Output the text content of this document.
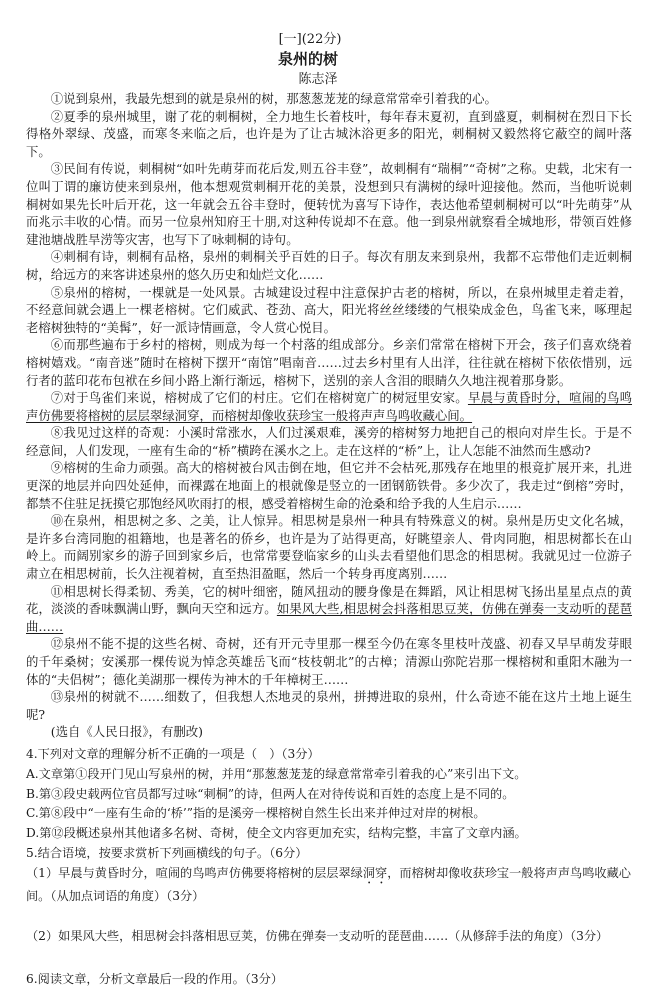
[一](22分)
泉州的树
陈志泽

①说到泉州，我最先想到的就是泉州的树，那葱葱茏茏的绿意常常牵引着我的心。

②夏季的泉州城里，谢了花的刺桐树，全力地生长着枝叶，每年春末夏初，直到盛夏，刺桐树在烈日下长得格外翠绿、茂盛，而寒冬来临之后，也许是为了让古城沐浴更多的阳光，刺桐树又毅然将它蔽空的阔叶落下。

③民间有传说，刺桐树“如叶先萌芽而花后发,则五谷丰登”，故刺桐有“瑞桐”“奇树”之称。史载，北宋有一位叫丁谓的廉访使来到泉州，他本想观赏刺桐开花的美景，没想到只有满树的绿叶迎接他。然而，当他听说刺桐树如果先长叶后开花，这一年就会五谷丰登时，便转忧为喜写下诗作，表达他希望刺桐树可以“叶先萌芽”从而兆示丰收的心情。而另一位泉州知府王十朋,对这种传说却不在意。他一到泉州就察看全城地形，带领百姓修建池塘战胜旱涝等灾害，也写下了咏刺桐的诗句。

④刺桐有诗，刺桐有品格，泉州的刺桐关乎百姓的日子。每次有朋友来到泉州，我都不忘带他们走近刺桐树，给远方的来客讲述泉州的悠久历史和灿烂文化……

⑤泉州的榕树，一棵就是一处风景。古城建设过程中注意保护古老的榕树，所以，在泉州城里走着走着，不经意间就会遇上一棵老榕树。它们威武、苍劲、高大，阳光将丝丝缕缕的气根染成金色，鸟雀飞来，啄理起老榕树独特的“美髯”，好一派诗情画意，令人赏心悦目。

⑥而那些遍布于乡村的榕树，则成为每一个村落的组成部分。乡亲们常常在榕树下开会，孩子们喜欢绕着榕树嬉戏。“南音迷”随时在榕树下摆开“南馆”唱南音……过去乡村里有人出洋，往往就在榕树下依依惜别，远行者的蓝印花布包袱在乡间小路上渐行渐远，榕树下，送别的亲人含泪的眼睛久久地注视着那身影。

⑦对于鸟雀们来说，榕树成了它们的村庄。它们在榕树宽广的树冠里安家。早晨与黄昏时分，喧闹的鸟鸣声仿佛要将榕树的层层翠绿洞穿，而榕树却像收获珍宝一般将声声鸟鸣收藏心间。

⑧我见过这样的奇观：小溪时常涨水，人们过溪艰难，溪旁的榕树努力地把自己的根向对岸生长。于是不经意间，人们发现，一座有生命的“桥”横跨在溪水之上。走在这样的“桥”上，让人怎能不油然而生感动?

⑨榕树的生命力顽强。高大的榕树被台风击倒在地，但它并不会枯死,那残存在地里的根竟扩展开来，扎进更深的地层并向四处延伸，而裸露在地面上的根就像是竖立的一团钢筋铁骨。多少次了，我走过“倒榕”旁时，都禁不住驻足抚摸它那饱经风吹雨打的根，感受着榕树生命的沧桑和给予我的人生启示……

⑩在泉州，相思树之多、之美，让人惊异。相思树是泉州一种具有特殊意义的树。泉州是历史文化名城，是许多台湾同胞的祖籍地，也是著名的侨乡，也许是为了站得更高，好眺望亲人、骨肉同胞，相思树都长在山岭上。而阔别家乡的游子回到家乡后，也常常要登临家乡的山头去看望他们思念的相思树。我就见过一位游子肃立在相思树前，长久注视着树，直至热泪盈眶，然后一个转身再度离别……

⑪相思树长得柔韧、秀美，它的树叶细密，随风扭动的腰身像是在舞蹈，风让相思树飞扬出星星点点的黄花，淡淡的香味飘满山野，飘向天空和远方。如果风大些,相思树会抖落相思豆荚，仿佛在弹奏一支动听的琵琶曲……

⑫泉州不能不提的这些名树、奇树，还有开元寺里那一棵至今仍在寒冬里枝叶茂盛、初春又早早萌发芽眼的千年桑树；安溪那一棵传说为悼念英雄岳飞而“枝枝朝北”的古樟；清源山弥陀岩那一棵榕树和重阳木融为一体的“夫侣树”；德化美湖那一棵传为神木的千年樟树王……

⑬泉州的树就不……细数了，但我想人杰地灵的泉州，拼搏进取的泉州，什么奇迹不能在这片土地上诞生呢?

(选自《人民日报》，有删改)

4.下列对文章的理解分析不正确的一项是（　）（3分）

A.文章第①段开门见山写泉州的树，并用“那葱葱茏茏的绿意常常牵引着我的心”来引出下文。

B.第③段史载两位官员都写过咏“刺桐”的诗，但两人在对待传说和百姓的态度上是不同的。

C.第⑧段中“一座有生命的‘桥’”指的是溪旁一棵榕树自然生长出来并伸过对岸的树根。

D.第⑫段概述泉州其他诸多名树、奇树，使全文内容更加充实，结构完整，丰富了文章内涵。

5.结合语境，按要求赏析下列画横线的句子。（6分）

（1）早晨与黄昏时分，喧闹的鸟鸣声仿佛要将榕树的层层翠绿洞穿，而榕树却像收获珍宝一般将声声鸟鸣收藏心间。（从加点词语的角度）（3分）

（2）如果风大些，相思树会抖落相思豆荚，仿佛在弹奏一支动听的琵琶曲……（从修辞手法的角度）（3分）

6.阅读文章，分析文章最后一段的作用。（3分）
